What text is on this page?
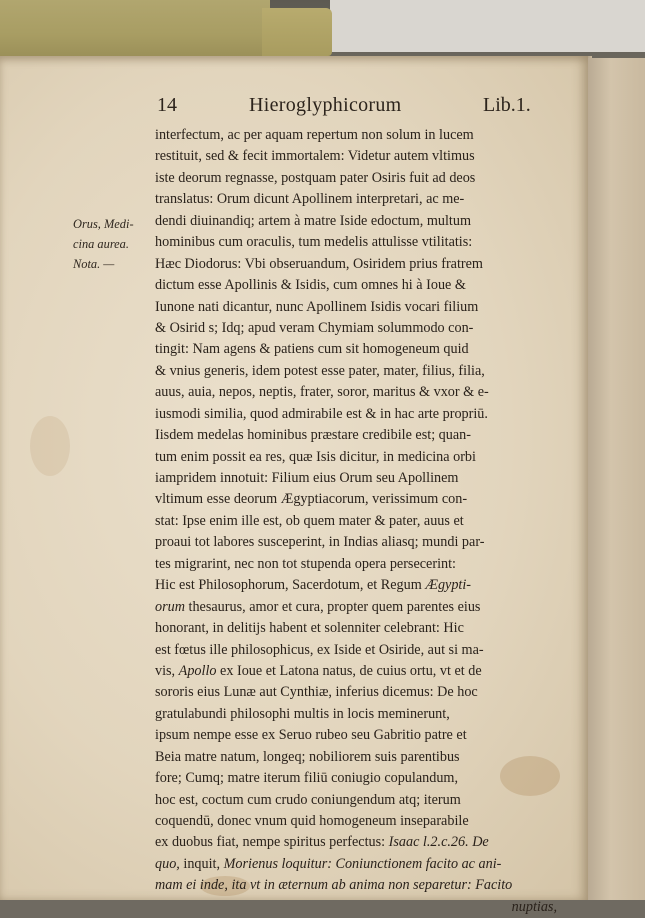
14	Hieroglyphicorum	Lib.1.
Orus, Medi-
cina aurea.
Nota. —
interfectum, ac per aquam repertum non solum in lucem
restituit, sed & fecit immortalem: Videtur autem vltimus
iste deorum regnasse, postquam pater Osiris fuit ad deos
translatus: Orum dicunt Apollinem interpretari, ac me-
dendi diuinandiq; artem à matre Iside edoctum, multum
hominibus cum oraculis, tum medelis attulisse vtilitatis:
Hæc Diodorus: Vbi obseruandum, Osiridem prius fratrem
dictum esse Apollinis & Isidis, cum omnes hi à Ioue &
Iunone nati dicantur, nunc Apollinem Isidis vocari filium
& Osirid s; Idq; apud veram Chymiam solummodo con-
tingit: Nam agens & patiens cum sit homogeneum quid
& vnius generis, idem potest esse pater, mater, filius, filia,
auus, auia, nepos, neptis, frater, soror, maritus & vxor & e-
iusmodi similia, quod admirabile est & in hac arte propriū.
Iisdem medelas hominibus præstare credibile est; quan-
tum enim possit ea res, quæ Isis dicitur, in medicina orbi
iampridem innotuit: Filium eius Orum seu Apollinem
vltimum esse deorum Ægyptiacorum, verissimum con-
stat: Ipse enim ille est, ob quem mater & pater, auus et
proaui tot labores susceperint, in Indias aliasq; mundi par-
tes migrarint, nec non tot stupenda opera persecerint:
Hic est Philosophorum, Sacerdotum, et Regum Ægypti-
orum thesaurus, amor et cura, propter quem parentes eius
honorant, in delitijs habent et solenniter celebrant: Hic
est fœtus ille philosophicus, ex Iside et Osiride, aut si ma-
vis, Apollo ex Ioue et Latona natus, de cuius ortu, vt et de
sororis eius Lunæ aut Cynthiæ, inferius dicemus: De hoc
gratulabundi philosophi multis in locis meminerunt,
ipsum nempe esse ex Seruo rubeo seu Gabritio patre et
Beia matre natum, longeq; nobiliorem suis parentibus
fore; Cumq; matre iterum filiū coniugio copulandum,
hoc est, coctum cum crudo coniungendum atq; iterum
coquendū, donec vnum quid homogeneum inseparabile
ex duobus fiat, nempe spiritus perfectus: Isaac l.2.c.26. De
quo, inquit, Morienus loquitur: Coniunctionem facito ac ani-
mam ei inde, ita vt in æternum ab anima non separetur: Facito
nuptias,
